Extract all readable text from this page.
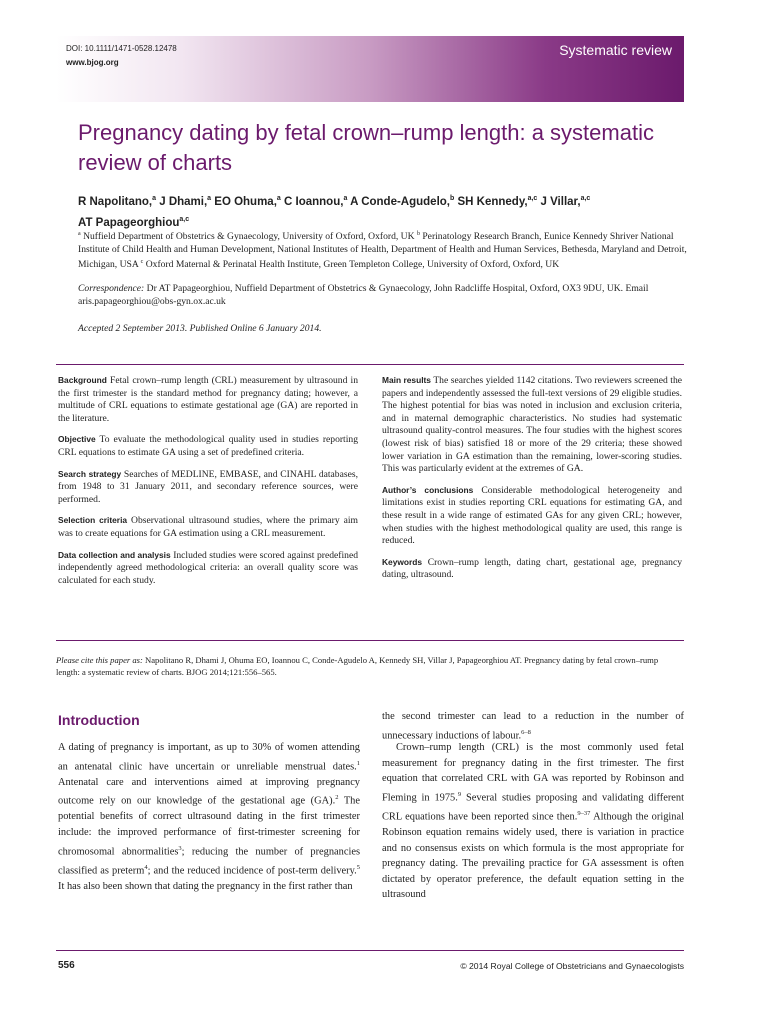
DOI: 10.1111/1471-0528.12478
www.bjog.org
Systematic review
Pregnancy dating by fetal crown–rump length: a systematic review of charts
R Napolitano,$^a$ J Dhami,$^a$ EO Ohuma,$^a$ C Ioannou,$^a$ A Conde-Agudelo,$^b$ SH Kennedy,$^{a,c}$ J Villar,$^{a,c}$
AT Papageorghiou$^{a,c}$
$^a$ Nuffield Department of Obstetrics & Gynaecology, University of Oxford, Oxford, UK $^b$ Perinatology Research Branch, Eunice Kennedy Shriver National Institute of Child Health and Human Development, National Institutes of Health, Department of Health and Human Services, Bethesda, Maryland and Detroit, Michigan, USA $^c$ Oxford Maternal & Perinatal Health Institute, Green Templeton College, University of Oxford, Oxford, UK
Correspondence: Dr AT Papageorghiou, Nuffield Department of Obstetrics & Gynaecology, John Radcliffe Hospital, Oxford, OX3 9DU, UK. Email aris.papageorghiou@obs-gyn.ox.ac.uk
Accepted 2 September 2013. Published Online 6 January 2014.

Background Fetal crown–rump length (CRL) measurement by ultrasound in the first trimester is the standard method for pregnancy dating; however, a multitude of CRL equations to estimate gestational age (GA) are reported in the literature.

Objective To evaluate the methodological quality used in studies reporting CRL equations to estimate GA using a set of predefined criteria.

Search strategy Searches of MEDLINE, EMBASE, and CINAHL databases, from 1948 to 31 January 2011, and secondary reference sources, were performed.

Selection criteria Observational ultrasound studies, where the primary aim was to create equations for GA estimation using a CRL measurement.

Data collection and analysis Included studies were scored against predefined independently agreed methodological criteria: an overall quality score was calculated for each study.

Main results The searches yielded 1142 citations. Two reviewers screened the papers and independently assessed the full-text versions of 29 eligible studies. The highest potential for bias was noted in inclusion and exclusion criteria, and in maternal demographic characteristics. No studies had systematic ultrasound quality-control measures. The four studies with the highest scores (lowest risk of bias) satisfied 18 or more of the 29 criteria; these showed lower variation in GA estimation than the remaining, lower-scoring studies. This was particularly evident at the extremes of GA.

Author’s conclusions Considerable methodological heterogeneity and limitations exist in studies reporting CRL equations for estimating GA, and these result in a wide range of estimated GAs for any given CRL; however, when studies with the highest methodological quality are used, this range is reduced.

Keywords Crown–rump length, dating chart, gestational age, pregnancy dating, ultrasound.

Please cite this paper as: Napolitano R, Dhami J, Ohuma EO, Ioannou C, Conde-Agudelo A, Kennedy SH, Villar J, Papageorghiou AT. Pregnancy dating by fetal crown–rump length: a systematic review of charts. BJOG 2014;121:556–565.
Introduction

A dating of pregnancy is important, as up to 30% of women attending an antenatal clinic have uncertain or unreliable menstrual dates.$^1$ Antenatal care and interventions aimed at improving pregnancy outcome rely on our knowledge of the gestational age (GA).$^2$ The potential benefits of correct ultrasound dating in the first trimester include: the improved performance of first-trimester screening for chromosomal abnormalities$^3$; reducing the number of pregnancies classified as preterm$^4$; and the reduced incidence of post-term delivery.$^5$ It has also been shown that dating the pregnancy in the first rather than

the second trimester can lead to a reduction in the number of unnecessary inductions of labour.$^{6-8}$

Crown–rump length (CRL) is the most commonly used fetal measurement for pregnancy dating in the first trimester. The first equation that correlated CRL with GA was reported by Robinson and Fleming in 1975.$^9$ Several studies proposing and validating different CRL equations have been reported since then.$^{9-37}$ Although the original Robinson equation remains widely used, there is variation in practice and no consensus exists on which formula is the most appropriate for pregnancy dating. The prevailing practice for GA assessment is often dictated by operator preference, the default equation setting in the ultrasound

556	© 2014 Royal College of Obstetricians and Gynaecologists
